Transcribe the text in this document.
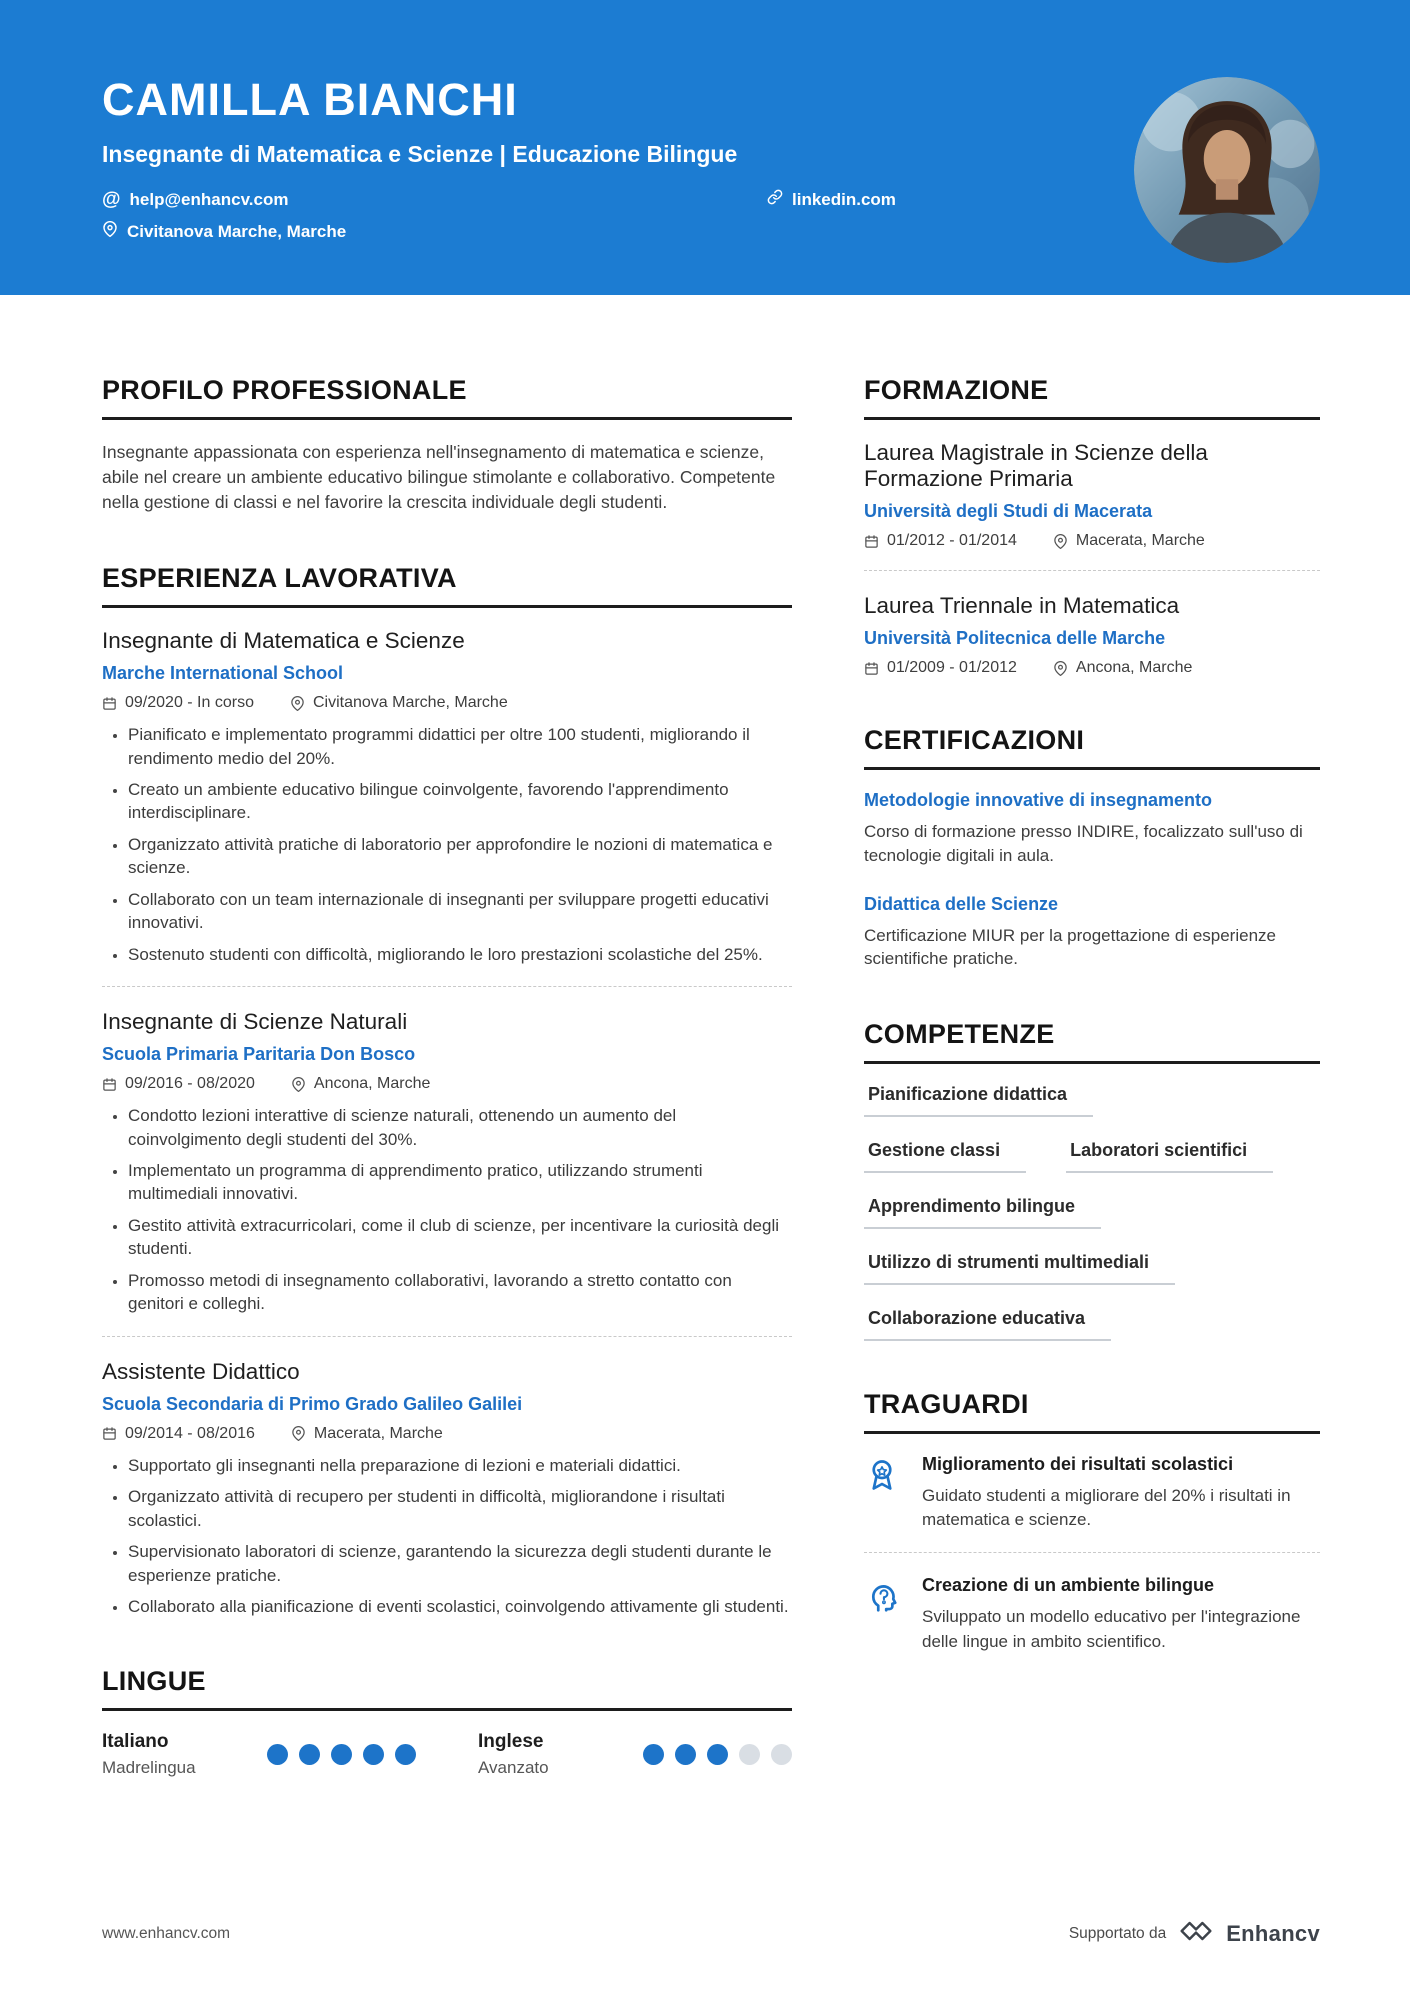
CAMILLA BIANCHI
Insegnante di Matematica e Scienze | Educazione Bilingue
@ help@enhancv.com	linkedin.com
Civitanova Marche, Marche
PROFILO PROFESSIONALE

Insegnante appassionata con esperienza nell'insegnamento di matematica e scienze, abile nel creare un ambiente educativo bilingue stimolante e collaborativo. Competente nella gestione di classi e nel favorire la crescita individuale degli studenti.

ESPERIENZA LAVORATIVA
Insegnante di Matematica e Scienze
Marche International School
09/2020 - In corso	Civitanova Marche, Marche
• Pianificato e implementato programmi didattici per oltre 100 studenti, migliorando il rendimento medio del 20%.
• Creato un ambiente educativo bilingue coinvolgente, favorendo l'apprendimento interdisciplinare.
• Organizzato attività pratiche di laboratorio per approfondire le nozioni di matematica e scienze.
• Collaborato con un team internazionale di insegnanti per sviluppare progetti educativi innovativi.
• Sostenuto studenti con difficoltà, migliorando le loro prestazioni scolastiche del 25%.
Insegnante di Scienze Naturali
Scuola Primaria Paritaria Don Bosco
09/2016 - 08/2020	Ancona, Marche
• Condotto lezioni interattive di scienze naturali, ottenendo un aumento del coinvolgimento degli studenti del 30%.
• Implementato un programma di apprendimento pratico, utilizzando strumenti multimediali innovativi.
• Gestito attività extracurricolari, come il club di scienze, per incentivare la curiosità degli studenti.
• Promosso metodi di insegnamento collaborativi, lavorando a stretto contatto con genitori e colleghi.
Assistente Didattico
Scuola Secondaria di Primo Grado Galileo Galilei
09/2014 - 08/2016	Macerata, Marche
• Supportato gli insegnanti nella preparazione di lezioni e materiali didattici.
• Organizzato attività di recupero per studenti in difficoltà, migliorandone i risultati scolastici.
• Supervisionato laboratori di scienze, garantendo la sicurezza degli studenti durante le esperienze pratiche.
• Collaborato alla pianificazione di eventi scolastici, coinvolgendo attivamente gli studenti.
LINGUE
Italiano
Madrelingua
Inglese
Avanzato
FORMAZIONE
Laurea Magistrale in Scienze della Formazione Primaria
Università degli Studi di Macerata
01/2012 - 01/2014	Macerata, Marche
Laurea Triennale in Matematica
Università Politecnica delle Marche
01/2009 - 01/2012	Ancona, Marche
CERTIFICAZIONI
Metodologie innovative di insegnamento
Corso di formazione presso INDIRE, focalizzato sull'uso di tecnologie digitali in aula.
Didattica delle Scienze
Certificazione MIUR per la progettazione di esperienze scientifiche pratiche.
COMPETENZE
Pianificazione didattica
Gestione classi	Laboratori scientifici
Apprendimento bilingue
Utilizzo di strumenti multimediali
Collaborazione educativa
TRAGUARDI
Miglioramento dei risultati scolastici
Guidato studenti a migliorare del 20% i risultati in matematica e scienze.
Creazione di un ambiente bilingue
Sviluppato un modello educativo per l'integrazione delle lingue in ambito scientifico.
www.enhancv.com	Supportato da	Enhancv
